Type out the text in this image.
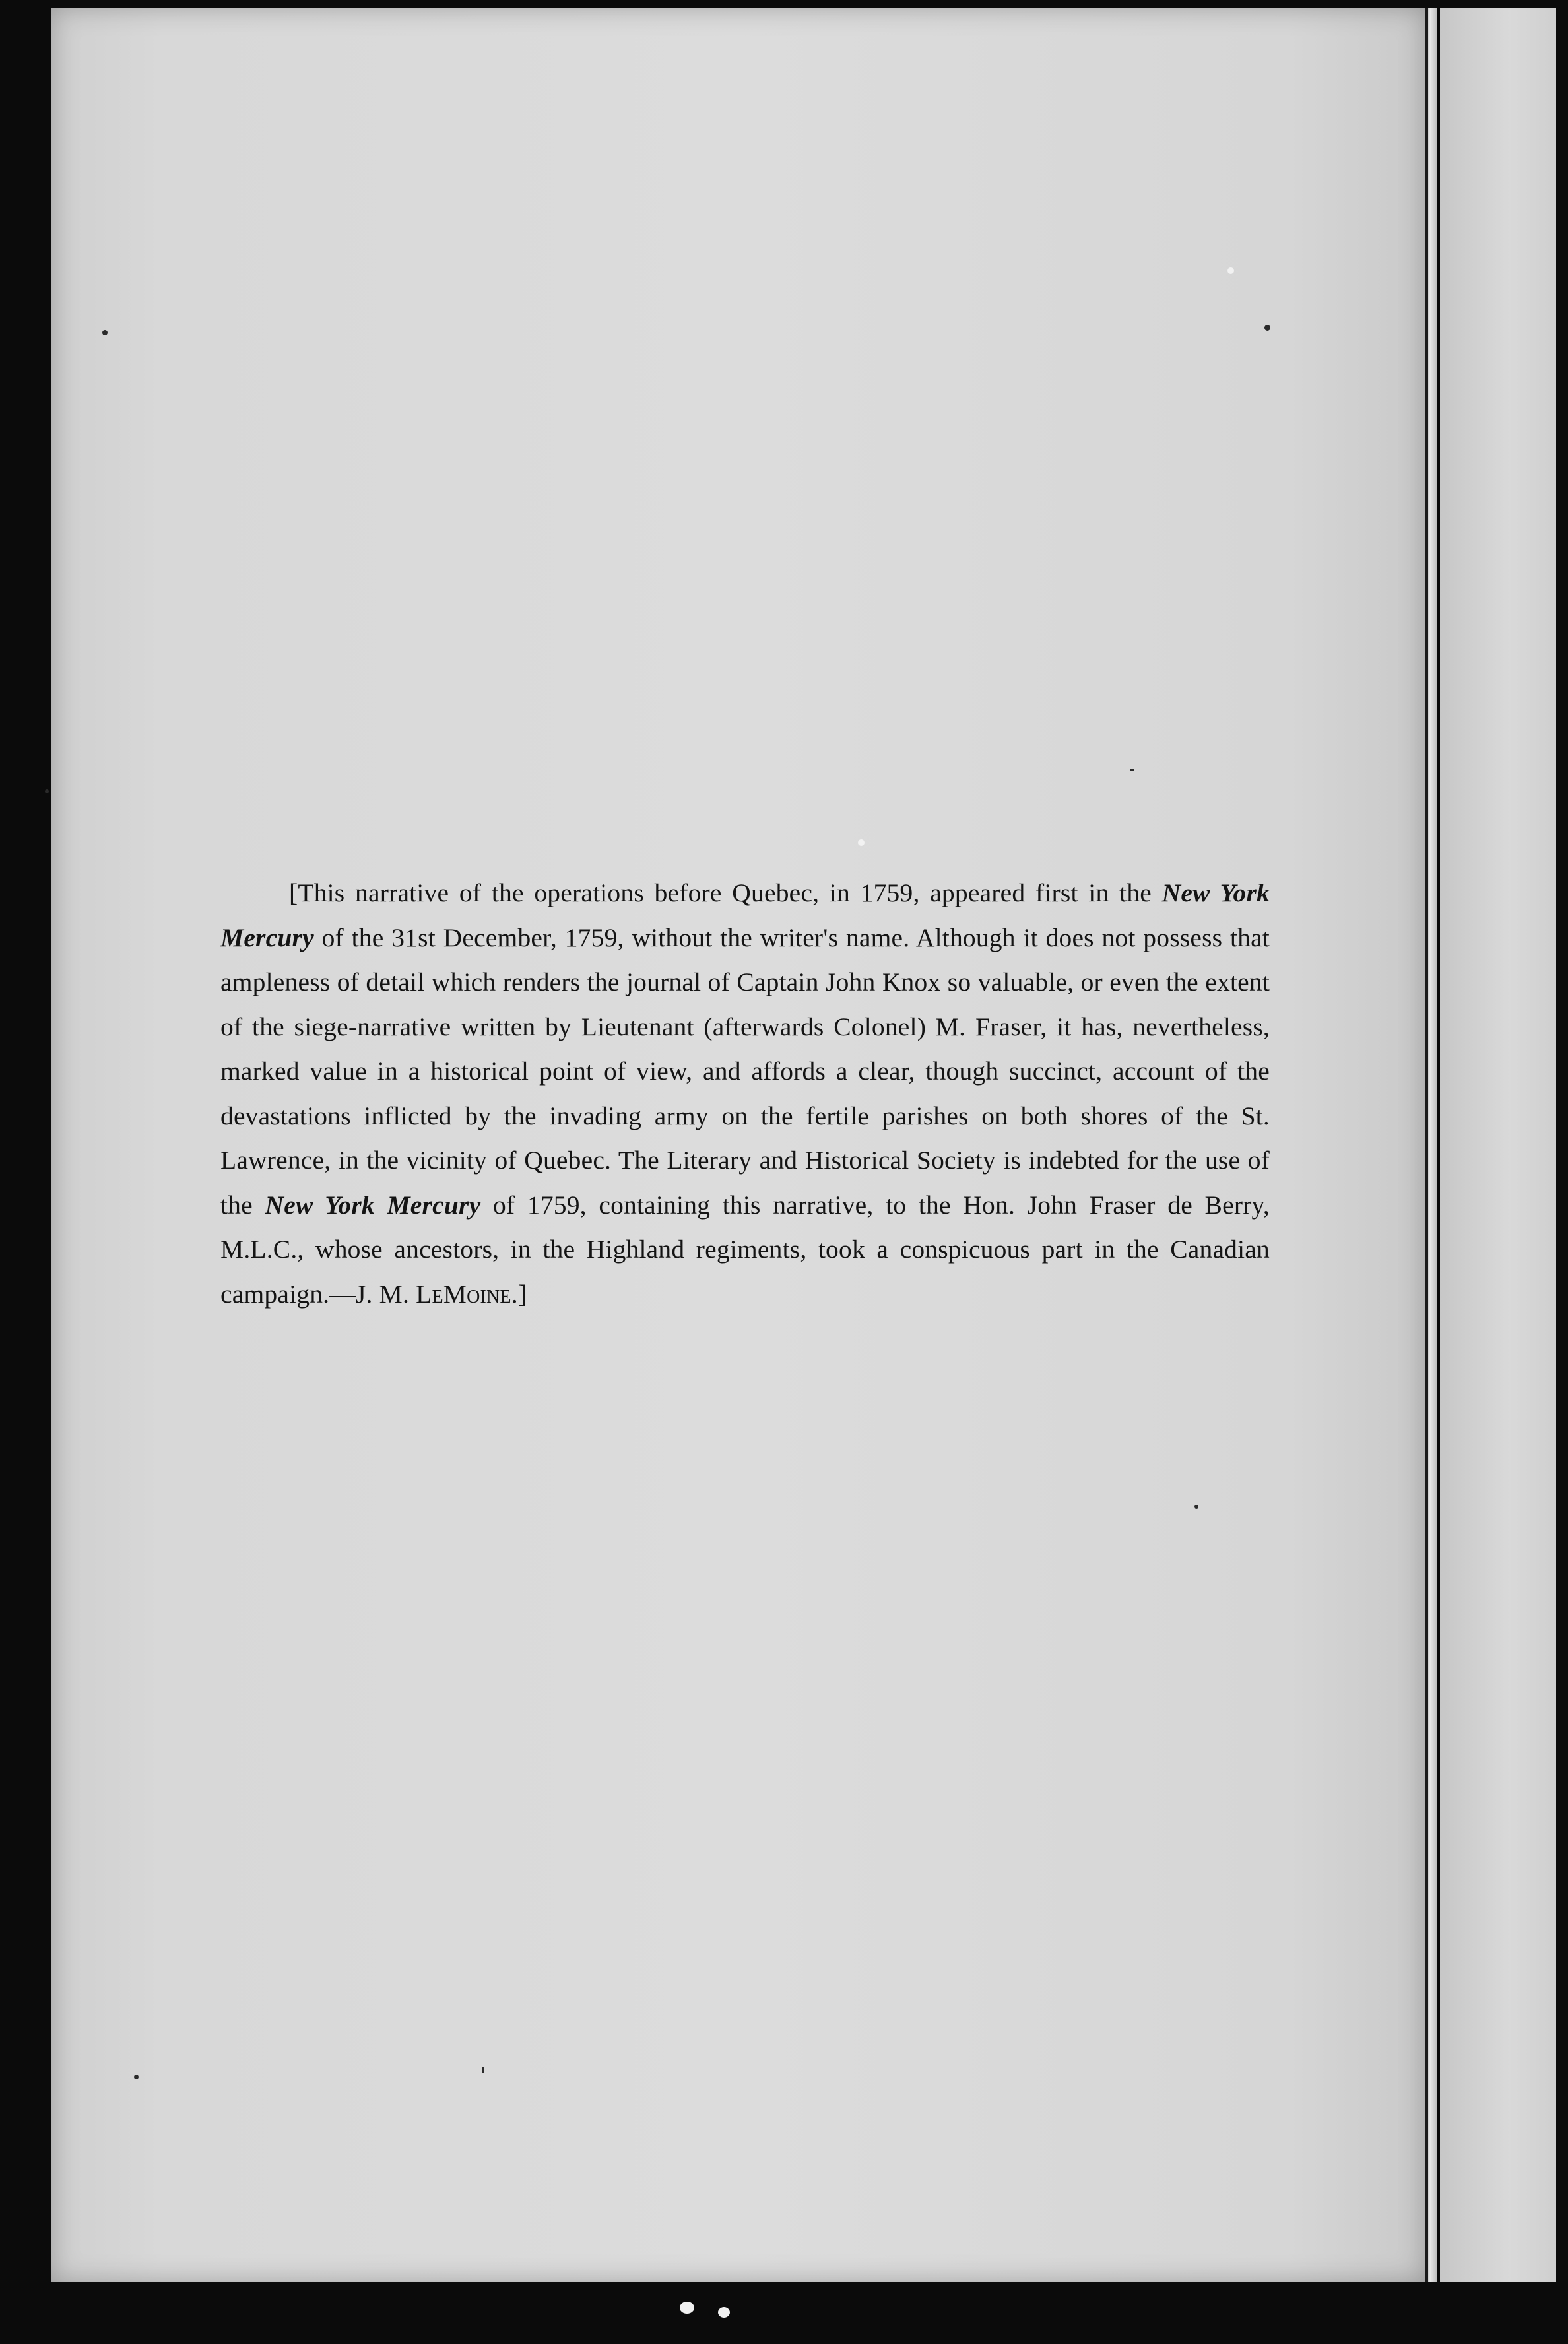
[This narrative of the operations before Quebec, in 1759, appeared first in the New York Mercury of the 31st December, 1759, without the writer's name. Although it does not possess that ampleness of detail which renders the journal of Captain John Knox so valuable, or even the extent of the siege-narrative written by Lieutenant (afterwards Colonel) M. Fraser, it has, nevertheless, marked value in a historical point of view, and affords a clear, though succinct, account of the devastations inflicted by the invading army on the fertile parishes on both shores of the St. Lawrence, in the vicinity of Quebec. The Literary and Historical Society is indebted for the use of the New York Mercury of 1759, containing this narrative, to the Hon. John Fraser de Berry, M.L.C., whose ancestors, in the Highland regiments, took a conspicuous part in the Canadian campaign.—J. M. LeMoine.]
